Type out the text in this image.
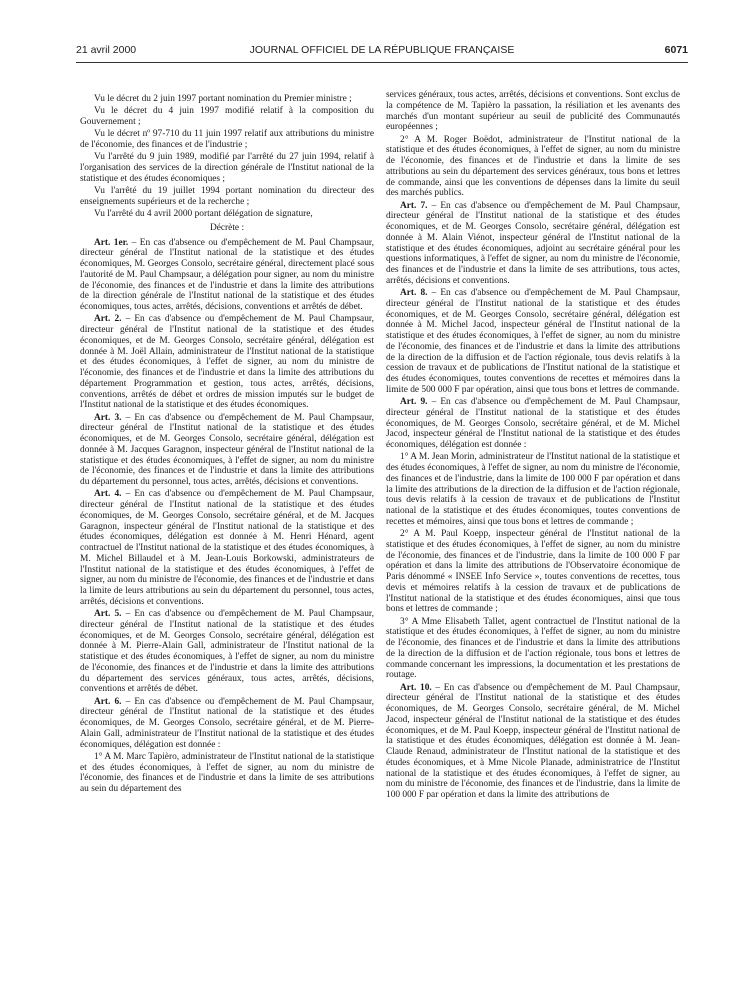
21 avril 2000	JOURNAL OFFICIEL DE LA RÉPUBLIQUE FRANÇAISE	6071

Vu le décret du 2 juin 1997 portant nomination du Premier ministre ;

Vu le décret du 4 juin 1997 modifié relatif à la composition du Gouvernement ;

Vu le décret nº 97-710 du 11 juin 1997 relatif aux attributions du ministre de l'économie, des finances et de l'industrie ;

Vu l'arrêté du 9 juin 1989, modifié par l'arrêté du 27 juin 1994, relatif à l'organisation des services de la direction générale de l'Institut national de la statistique et des études économiques ;

Vu l'arrêté du 19 juillet 1994 portant nomination du directeur des enseignements supérieurs et de la recherche ;

Vu l'arrêté du 4 avril 2000 portant délégation de signature,

Décrète :

Art. 1er. – En cas d'absence ou d'empêchement de M. Paul Champsaur, directeur général de l'Institut national de la statistique et des études économiques, M. Georges Consolo, secrétaire général, directement placé sous l'autorité de M. Paul Champsaur, a délégation pour signer, au nom du ministre de l'économie, des finances et de l'industrie et dans la limite des attributions de la direction générale de l'Institut national de la statistique et des études économiques, tous actes, arrêtés, décisions, conventions et arrêtés de débet.

Art. 2. – En cas d'absence ou d'empêchement de M. Paul Champsaur, directeur général de l'Institut national de la statistique et des études économiques, et de M. Georges Consolo, secrétaire général, délégation est donnée à M. Joël Allain, administrateur de l'Institut national de la statistique et des études économiques, à l'effet de signer, au nom du ministre de l'économie, des finances et de l'industrie et dans la limite des attributions du département Programmation et gestion, tous actes, arrêtés, décisions, conventions, arrêtés de débet et ordres de mission imputés sur le budget de l'Institut national de la statistique et des études économiques.

Art. 3. – En cas d'absence ou d'empêchement de M. Paul Champsaur, directeur général de l'Institut national de la statistique et des études économiques, et de M. Georges Consolo, secrétaire général, délégation est donnée à M. Jacques Garagnon, inspecteur général de l'Institut national de la statistique et des études économiques, à l'effet de signer, au nom du ministre de l'économie, des finances et de l'industrie et dans la limite des attributions du département du personnel, tous actes, arrêtés, décisions et conventions.

Art. 4. – En cas d'absence ou d'empêchement de M. Paul Champsaur, directeur général de l'Institut national de la statistique et des études économiques, de M. Georges Consolo, secrétaire général, et de M. Jacques Garagnon, inspecteur général de l'Institut national de la statistique et des études économiques, délégation est donnée à M. Henri Hénard, agent contractuel de l'Institut national de la statistique et des études économiques, à M. Michel Billaudel et à M. Jean-Louis Borkowski, administrateurs de l'Institut national de la statistique et des études économiques, à l'effet de signer, au nom du ministre de l'économie, des finances et de l'industrie et dans la limite de leurs attributions au sein du département du personnel, tous actes, arrêtés, décisions et conventions.

Art. 5. – En cas d'absence ou d'empêchement de M. Paul Champsaur, directeur général de l'Institut national de la statistique et des études économiques, et de M. Georges Consolo, secrétaire général, délégation est donnée à M. Pierre-Alain Gall, administrateur de l'Institut national de la statistique et des études économiques, à l'effet de signer, au nom du ministre de l'économie, des finances et de l'industrie et dans la limite des attributions du département des services généraux, tous actes, arrêtés, décisions, conventions et arrêtés de débet.

Art. 6. – En cas d'absence ou d'empêchement de M. Paul Champsaur, directeur général de l'Institut national de la statistique et des études économiques, de M. Georges Consolo, secrétaire général, et de M. Pierre-Alain Gall, administrateur de l'Institut national de la statistique et des études économiques, délégation est donnée :

1° A M. Marc Tapièro, administrateur de l'Institut national de la statistique et des études économiques, à l'effet de signer, au nom du ministre de l'économie, des finances et de l'industrie et dans la limite de ses attributions au sein du département des

services généraux, tous actes, arrêtés, décisions et conventions. Sont exclus de la compétence de M. Tapièro la passation, la résiliation et les avenants des marchés d'un montant supérieur au seuil de publicité des Communautés européennes ;

2° A M. Roger Boëdot, administrateur de l'Institut national de la statistique et des études économiques, à l'effet de signer, au nom du ministre de l'économie, des finances et de l'industrie et dans la limite de ses attributions au sein du département des services généraux, tous bons et lettres de commande, ainsi que les conventions de dépenses dans la limite du seuil des marchés publics.

Art. 7. – En cas d'absence ou d'empêchement de M. Paul Champsaur, directeur général de l'Institut national de la statistique et des études économiques, et de M. Georges Consolo, secrétaire général, délégation est donnée à M. Alain Viénot, inspecteur général de l'Institut national de la statistique et des études économiques, adjoint au secrétaire général pour les questions informatiques, à l'effet de signer, au nom du ministre de l'économie, des finances et de l'industrie et dans la limite de ses attributions, tous actes, arrêtés, décisions et conventions.

Art. 8. – En cas d'absence ou d'empêchement de M. Paul Champsaur, directeur général de l'Institut national de la statistique et des études économiques, et de M. Georges Consolo, secrétaire général, délégation est donnée à M. Michel Jacod, inspecteur général de l'Institut national de la statistique et des études économiques, à l'effet de signer, au nom du ministre de l'économie, des finances et de l'industrie et dans la limite des attributions de la direction de la diffusion et de l'action régionale, tous devis relatifs à la cession de travaux et de publications de l'Institut national de la statistique et des études économiques, toutes conventions de recettes et mémoires dans la limite de 500 000 F par opération, ainsi que tous bons et lettres de commande.

Art. 9. – En cas d'absence ou d'empêchement de M. Paul Champsaur, directeur général de l'Institut national de la statistique et des études économiques, de M. Georges Consolo, secrétaire général, et de M. Michel Jacod, inspecteur général de l'Institut national de la statistique et des études économiques, délégation est donnée :

1° A M. Jean Morin, administrateur de l'Institut national de la statistique et des études économiques, à l'effet de signer, au nom du ministre de l'économie, des finances et de l'industrie, dans la limite de 100 000 F par opération et dans la limite des attributions de la direction de la diffusion et de l'action régionale, tous devis relatifs à la cession de travaux et de publications de l'Institut national de la statistique et des études économiques, toutes conventions de recettes et mémoires, ainsi que tous bons et lettres de commande ;

2° A M. Paul Koepp, inspecteur général de l'Institut national de la statistique et des études économiques, à l'effet de signer, au nom du ministre de l'économie, des finances et de l'industrie, dans la limite de 100 000 F par opération et dans la limite des attributions de l'Observatoire économique de Paris dénommé « INSEE Info Service », toutes conventions de recettes, tous devis et mémoires relatifs à la cession de travaux et de publications de l'Institut national de la statistique et des études économiques, ainsi que tous bons et lettres de commande ;

3° A Mme Elisabeth Tallet, agent contractuel de l'Institut national de la statistique et des études économiques, à l'effet de signer, au nom du ministre de l'économie, des finances et de l'industrie et dans la limite des attributions de la direction de la diffusion et de l'action régionale, tous bons et lettres de commande concernant les impressions, la documentation et les prestations de routage.

Art. 10. – En cas d'absence ou d'empêchement de M. Paul Champsaur, directeur général de l'Institut national de la statistique et des études économiques, de M. Georges Consolo, secrétaire général, de M. Michel Jacod, inspecteur général de l'Institut national de la statistique et des études économiques, et de M. Paul Koepp, inspecteur général de l'Institut national de la statistique et des études économiques, délégation est donnée à M. Jean-Claude Renaud, administrateur de l'Institut national de la statistique et des études économiques, et à Mme Nicole Planade, administratrice de l'Institut national de la statistique et des études économiques, à l'effet de signer, au nom du ministre de l'économie, des finances et de l'industrie, dans la limite de 100 000 F par opération et dans la limite des attributions de
